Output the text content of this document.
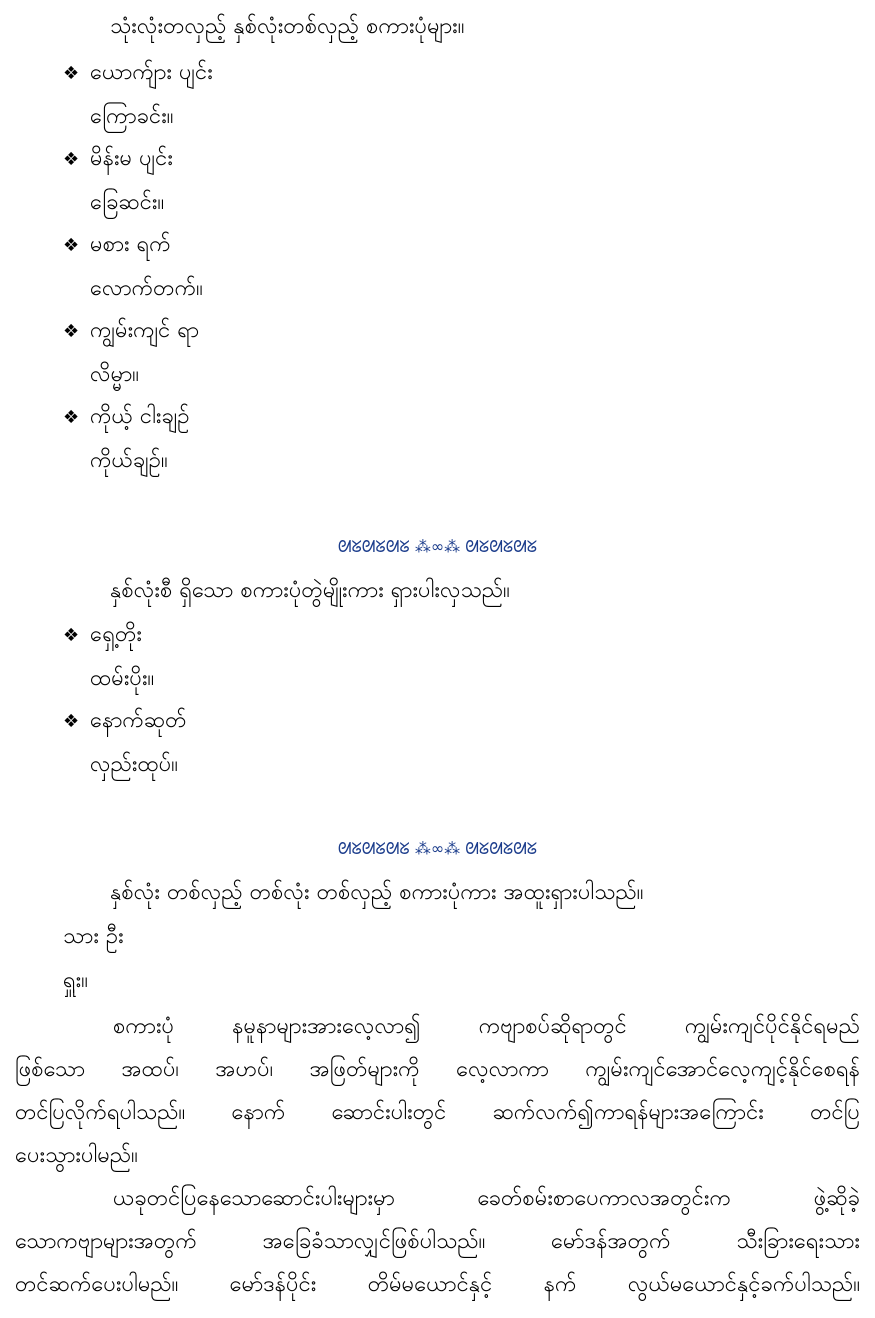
သုံးလုံးတလှည့် နှစ်လုံးတစ်လှည့် စကားပုံများ။
❖ ယောက်ျား ပျင်း
ကြောခင်း။
❖ မိန်းမ ပျင်း
ခြေဆင်း။
❖ မစား ရက်
လောက်တက်။
❖ ကျွမ်းကျင် ရာ
လိမ္မာ။
❖ ကိုယ့် ငါးချဉ်
ကိုယ်ချဉ်။
ᘛᘜᘛᘜᘛᘜ ⁂∞⁂ ᘛᘜᘛᘜᘛᘜ
နှစ်လုံးစီ ရှိသော စကားပုံတွဲမျိုးကား ရှားပါးလှသည်။
❖ ရှေ့တိုး
ထမ်းပိုး။
❖ နောက်ဆုတ်
လှည်းထုပ်။
ᘛᘜᘛᘜᘛᘜ ⁂∞⁂ ᘛᘜᘛᘜᘛᘜ
နှစ်လုံး တစ်လှည့် တစ်လုံး တစ်လှည့် စကားပုံကား အထူးရှားပါသည်။
သား ဦး
ရှူး။
စကားပုံ	နမူနာများအားလေ့လာ၍	ကဗျာစပ်ဆိုရာတွင်	ကျွမ်းကျင်ပိုင်နိုင်ရမည်
ဖြစ်သော အထပ်၊ အဟပ်၊ အဖြတ်များကို လေ့လာကာ ကျွမ်းကျင်အောင်လေ့ကျင့်နိုင်စေရန်
တင်ပြလိုက်ရပါသည်။ နောက် ဆောင်းပါးတွင် ဆက်လက်၍ကာရန်များအကြောင်း တင်ပြ
ပေးသွားပါမည်။
ယခုတင်ပြနေသောဆောင်းပါးများမှာ	ခေတ်စမ်းစာပေကာလအတွင်းက	ဖွဲ့ဆိုခဲ့
သောကဗျာများအတွက်	အခြေခံသာလျှင်ဖြစ်ပါသည်။	မော်ဒန်အတွက်	သီးခြားရေးသား
တင်ဆက်ပေးပါမည်။ မော်ဒန်ပိုင်း တိမ်မယောင်နှင့် နက် လွယ်မယောင်နှင့်ခက်ပါသည်။
